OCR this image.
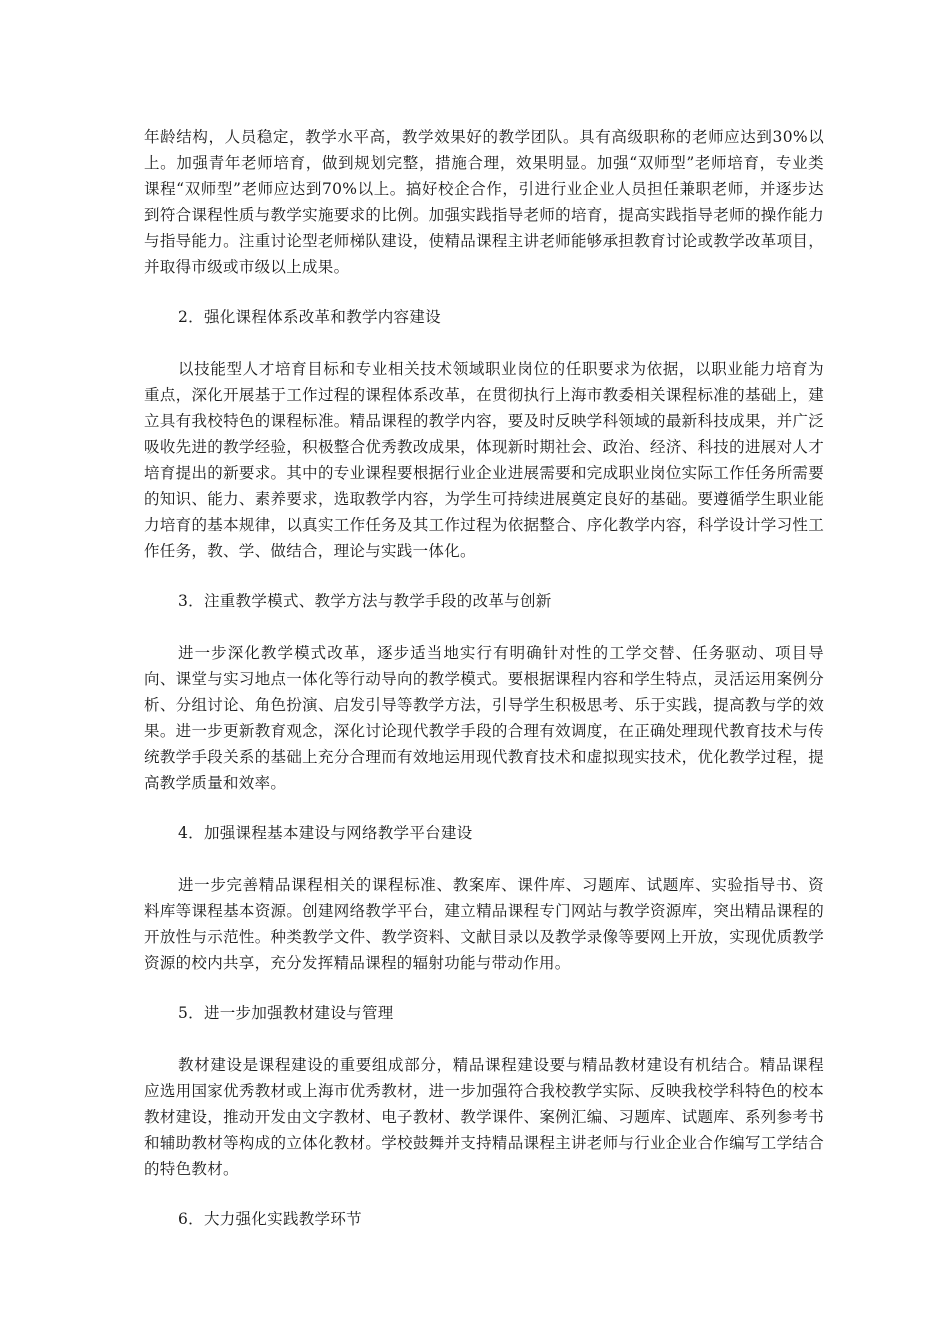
年龄结构，人员稳定，教学水平高，教学效果好的教学团队。具有高级职称的老师应达到30%以上。加强青年老师培育，做到规划完整，措施合理，效果明显。加强“双师型”老师培育，专业类课程“双师型”老师应达到70%以上。搞好校企合作，引进行业企业人员担任兼职老师，并逐步达到符合课程性质与教学实施要求的比例。加强实践指导老师的培育，提高实践指导老师的操作能力与指导能力。注重讨论型老师梯队建设，使精品课程主讲老师能够承担教育讨论或教学改革项目，并取得市级或市级以上成果。

2．强化课程体系改革和教学内容建设

以技能型人才培育目标和专业相关技术领域职业岗位的任职要求为依据，以职业能力培育为重点，深化开展基于工作过程的课程体系改革，在贯彻执行上海市教委相关课程标准的基础上，建立具有我校特色的课程标准。精品课程的教学内容，要及时反映学科领域的最新科技成果，并广泛吸收先进的教学经验，积极整合优秀教改成果，体现新时期社会、政治、经济、科技的进展对人才培育提出的新要求。其中的专业课程要根据行业企业进展需要和完成职业岗位实际工作任务所需要的知识、能力、素养要求，选取教学内容，为学生可持续进展奠定良好的基础。要遵循学生职业能力培育的基本规律，以真实工作任务及其工作过程为依据整合、序化教学内容，科学设计学习性工作任务，教、学、做结合，理论与实践一体化。

3．注重教学模式、教学方法与教学手段的改革与创新

进一步深化教学模式改革，逐步适当地实行有明确针对性的工学交替、任务驱动、项目导向、课堂与实习地点一体化等行动导向的教学模式。要根据课程内容和学生特点，灵活运用案例分析、分组讨论、角色扮演、启发引导等教学方法，引导学生积极思考、乐于实践，提高教与学的效果。进一步更新教育观念，深化讨论现代教学手段的合理有效调度，在正确处理现代教育技术与传统教学手段关系的基础上充分合理而有效地运用现代教育技术和虚拟现实技术，优化教学过程，提高教学质量和效率。

4．加强课程基本建设与网络教学平台建设

进一步完善精品课程相关的课程标准、教案库、课件库、习题库、试题库、实验指导书、资料库等课程基本资源。创建网络教学平台，建立精品课程专门网站与教学资源库，突出精品课程的开放性与示范性。种类教学文件、教学资料、文献目录以及教学录像等要网上开放，实现优质教学资源的校内共享，充分发挥精品课程的辐射功能与带动作用。

5．进一步加强教材建设与管理

教材建设是课程建设的重要组成部分，精品课程建设要与精品教材建设有机结合。精品课程应选用国家优秀教材或上海市优秀教材，进一步加强符合我校教学实际、反映我校学科特色的校本教材建设，推动开发由文字教材、电子教材、教学课件、案例汇编、习题库、试题库、系列参考书和辅助教材等构成的立体化教材。学校鼓舞并支持精品课程主讲老师与行业企业合作编写工学结合的特色教材。

6．大力强化实践教学环节
